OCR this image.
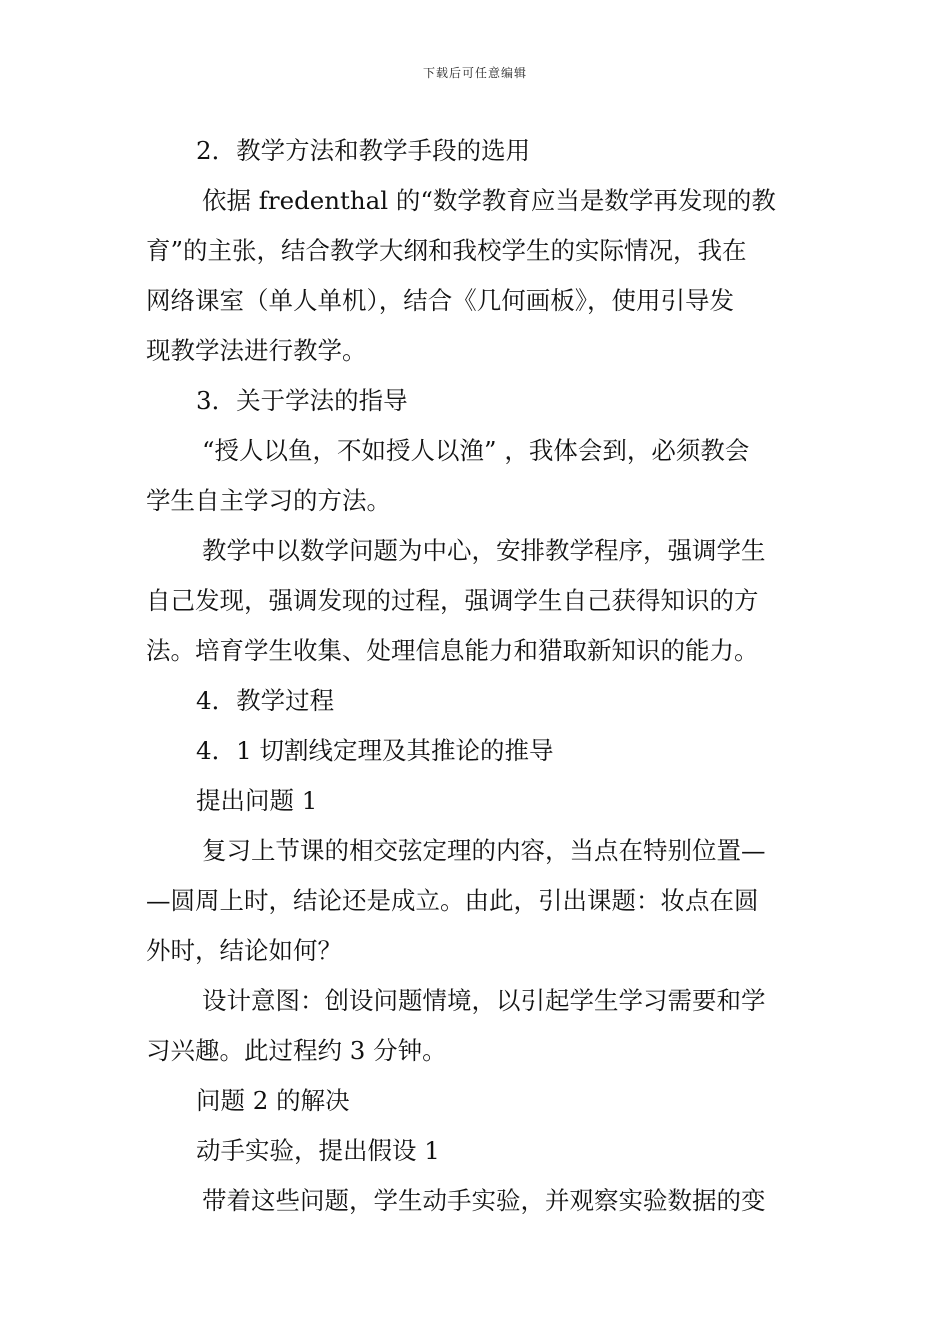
下载后可任意编辑
2．教学方法和教学手段的选用
依据 fredenthal 的“数学教育应当是数学再发现的教
育”的主张，结合教学大纲和我校学生的实际情况，我在
网络课室（单人单机），结合《几何画板》，使用引导发
现教学法进行教学。
3．关于学法的指导
“授人以鱼，不如授人以渔” ，我体会到，必须教会
学生自主学习的方法。
教学中以数学问题为中心，安排教学程序，强调学生
自己发现，强调发现的过程，强调学生自己获得知识的方
法。培育学生收集、处理信息能力和猎取新知识的能力。
4．教学过程
4．1 切割线定理及其推论的推导
提出问题 1
复习上节课的相交弦定理的内容，当点在特别位置—
—圆周上时，结论还是成立。由此，引出课题：妆点在圆
外时，结论如何？
设计意图：创设问题情境，以引起学生学习需要和学
习兴趣。此过程约 3 分钟。
问题 2 的解决
动手实验，提出假设 1
带着这些问题，学生动手实验，并观察实验数据的变
